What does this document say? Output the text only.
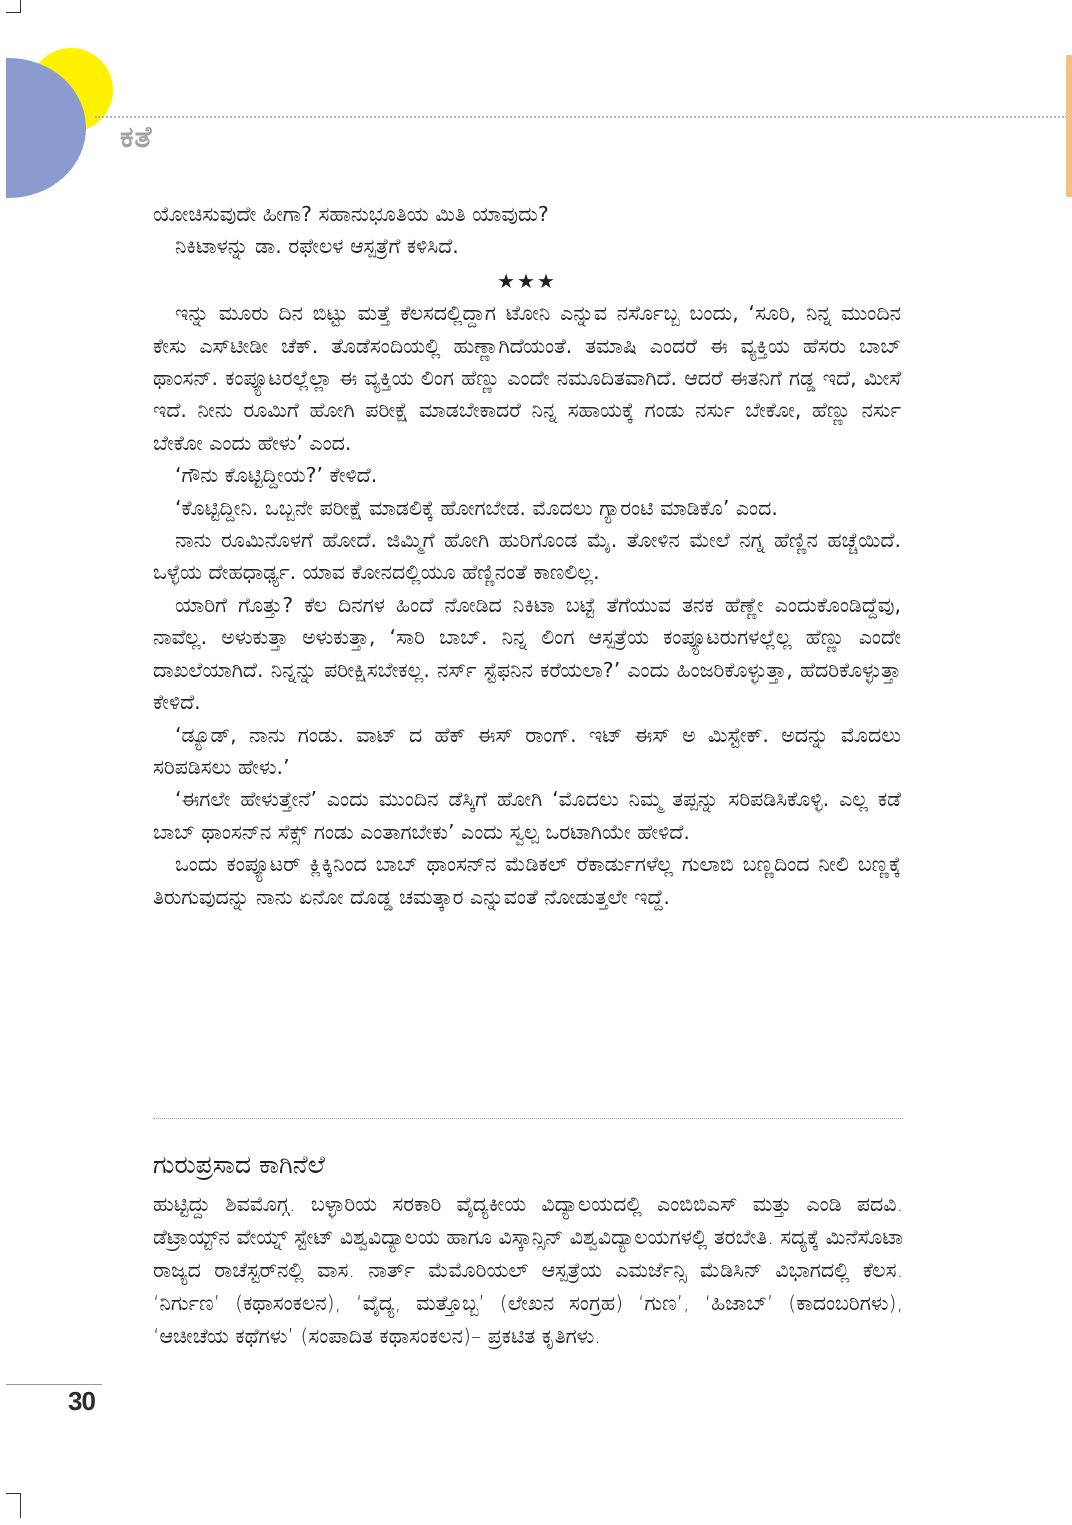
ಕತೆ

ಯೋಚಿಸುವುದೇ ಹೀಗಾ? ಸಹಾನುಭೂತಿಯ ಮಿತಿ ಯಾವುದು?

ನಿಕಿಟಾಳನ್ನು ಡಾ. ರಫೇಲಳ ಆಸ್ಪತ್ರೆಗೆ ಕಳಿಸಿದೆ.

★★★

ಇನ್ನು ಮೂರು ದಿನ ಬಿಟ್ಟು ಮತ್ತೆ ಕೆಲಸದಲ್ಲಿದ್ದಾಗ ಟೋನಿ ಎನ್ನುವ ನರ್ಸೊಬ್ಬ ಬಂದು, ‘ಸೂರಿ, ನಿನ್ನ ಮುಂದಿನ ಕೇಸು ಎಸ್‌ಟೀಡೀ ಚೆಕ್. ತೊಡೆಸಂದಿಯಲ್ಲಿ ಹುಣ್ಣಾಗಿದೆಯಂತೆ. ತಮಾಷಿ ಎಂದರೆ ಈ ವ್ಯಕ್ತಿಯ ಹೆಸರು ಬಾಬ್ ಥಾಂಸನ್. ಕಂಪ್ಯೂಟರಲ್ಲೆಲ್ಲಾ ಈ ವ್ಯಕ್ತಿಯ ಲಿಂಗ ಹೆಣ್ಣು ಎಂದೇ ನಮೂದಿತವಾಗಿದೆ. ಆದರೆ ಈತನಿಗೆ ಗಡ್ಡ ಇದೆ, ಮೀಸೆ ಇದೆ. ನೀನು ರೂಮಿಗೆ ಹೋಗಿ ಪರೀಕ್ಷೆ ಮಾಡಬೇಕಾದರೆ ನಿನ್ನ ಸಹಾಯಕ್ಕೆ ಗಂಡು ನರ್ಸು ಬೇಕೋ, ಹೆಣ್ಣು ನರ್ಸು ಬೇಕೋ ಎಂದು ಹೇಳು’ ಎಂದ.

‘ಗೌನು ಕೊಟ್ಟಿದ್ದೀಯ?’ ಕೇಳಿದೆ.

‘ಕೊಟ್ಟಿದ್ದೀನಿ. ಒಬ್ಬನೇ ಪರೀಕ್ಷೆ ಮಾಡಲಿಕ್ಕೆ ಹೋಗಬೇಡ. ಮೊದಲು ಗ್ಯಾರಂಟಿ ಮಾಡಿಕೊ’ ಎಂದ.

ನಾನು ರೂಮಿನೊಳಗೆ ಹೋದೆ. ಜಿಮ್ಮಿಗೆ ಹೋಗಿ ಹುರಿಗೊಂಡ ಮೈ. ತೋಳಿನ ಮೇಲೆ ನಗ್ನ ಹೆಣ್ಣಿನ ಹಚ್ಚೆಯಿದೆ. ಒಳ್ಳೆಯ ದೇಹಧಾರ್ಢ್ಯ. ಯಾವ ಕೋನದಲ್ಲಿಯೂ ಹೆಣ್ಣಿನಂತೆ ಕಾಣಲಿಲ್ಲ.

ಯಾರಿಗೆ ಗೊತ್ತು? ಕೆಲ ದಿನಗಳ ಹಿಂದೆ ನೋಡಿದ ನಿಕಿಟಾ ಬಟ್ಟೆ ತೆಗೆಯುವ ತನಕ ಹೆಣ್ಣೇ ಎಂದುಕೊಂಡಿದ್ದೆವು, ನಾವೆಲ್ಲ. ಅಳುಕುತ್ತಾ ಅಳುಕುತ್ತಾ, ‘ಸಾರಿ ಬಾಬ್. ನಿನ್ನ ಲಿಂಗ ಆಸ್ಪತ್ರೆಯ ಕಂಪ್ಯೂಟರುಗಳಲ್ಲೆಲ್ಲ ಹೆಣ್ಣು ಎಂದೇ ದಾಖಲೆಯಾಗಿದೆ. ನಿನ್ನನ್ನು ಪರೀಕ್ಷಿಸಬೇಕಲ್ಲ. ನರ್ಸ್ ಸ್ಟೆಫನಿನ ಕರೆಯಲಾ?’ ಎಂದು ಹಿಂಜರಿಕೊಳ್ಳುತ್ತಾ, ಹೆದರಿಕೊಳ್ಳುತ್ತಾ ಕೇಳಿದೆ.

‘ಡ್ಯೂಡ್, ನಾನು ಗಂಡು. ವಾಟ್ ದ ಹೆಕ್ ಈಸ್ ರಾಂಗ್. ಇಟ್ ಈಸ್ ಅ ಮಿಸ್ಟೇಕ್. ಅದನ್ನು ಮೊದಲು ಸರಿಪಡಿಸಲು ಹೇಳು.’

‘ಈಗಲೇ ಹೇಳುತ್ತೇನೆ’ ಎಂದು ಮುಂದಿನ ಡೆಸ್ಕಿಗೆ ಹೋಗಿ ‘ಮೊದಲು ನಿಮ್ಮ ತಪ್ಪನ್ನು ಸರಿಪಡಿಸಿಕೊಳ್ಳಿ. ಎಲ್ಲ ಕಡೆ ಬಾಬ್ ಥಾಂಸನ್‌ನ ಸೆಕ್ಸ್ ಗಂಡು ಎಂತಾಗಬೇಕು’ ಎಂದು ಸ್ವಲ್ಪ ಒರಟಾಗಿಯೇ ಹೇಳಿದೆ.

ಒಂದು ಕಂಪ್ಯೂಟರ್ ಕ್ಲಿಕ್ಕಿನಿಂದ ಬಾಬ್ ಥಾಂಸನ್‌ನ ಮೆಡಿಕಲ್ ರೆಕಾರ್ಡುಗಳೆಲ್ಲ ಗುಲಾಬಿ ಬಣ್ಣದಿಂದ ನೀಲಿ ಬಣ್ಣಕ್ಕೆ ತಿರುಗುವುದನ್ನು ನಾನು ಏನೋ ದೊಡ್ಡ ಚಮತ್ಕಾರ ಎನ್ನುವಂತೆ ನೋಡುತ್ತಲೇ ಇದ್ದೆ.

ಗುರುಪ್ರಸಾದ ಕಾಗಿನೆಲೆ
ಹುಟ್ಟಿದ್ದು ಶಿವಮೊಗ್ಗ. ಬಳ್ಳಾರಿಯ ಸರಕಾರಿ ವೈದ್ಯಕೀಯ ವಿದ್ಯಾಲಯದಲ್ಲಿ ಎಂಬಿಬಿಎಸ್ ಮತ್ತು ಎಂಡಿ ಪದವಿ. ಡೆಟ್ರಾಯ್ಟ್‌ನ ವೇಯ್ನ್ ಸ್ಟೇಟ್ ವಿಶ್ವವಿದ್ಯಾಲಯ ಹಾಗೂ ವಿಸ್ಕಾನ್ಸಿನ್ ವಿಶ್ವವಿದ್ಯಾಲಯಗಳಲ್ಲಿ ತರಬೇತಿ. ಸದ್ಯಕ್ಕೆ ಮಿನೆಸೊಟಾ ರಾಜ್ಯದ ರಾಚೆಸ್ಟರ್‌ನಲ್ಲಿ ವಾಸ. ನಾರ್ತ್ ಮೆಮೊರಿಯಲ್ ಆಸ್ಪತ್ರೆಯ ಎಮರ್ಜೆನ್ಸಿ ಮೆಡಿಸಿನ್ ವಿಭಾಗದಲ್ಲಿ ಕೆಲಸ. ‘ನಿರ್ಗುಣ’ (ಕಥಾಸಂಕಲನ), ‘ವೈದ್ಯ, ಮತ್ತೊಬ್ಬ’ (ಲೇಖನ ಸಂಗ್ರಹ) ‘ಗುಣ’, ‘ಹಿಜಾಬ್’ (ಕಾದಂಬರಿಗಳು), ‘ಆಚೀಚೆಯ ಕಥೆಗಳು’ (ಸಂಪಾದಿತ ಕಥಾಸಂಕಲನ)– ಪ್ರಕಟಿತ ಕೃತಿಗಳು.
30
